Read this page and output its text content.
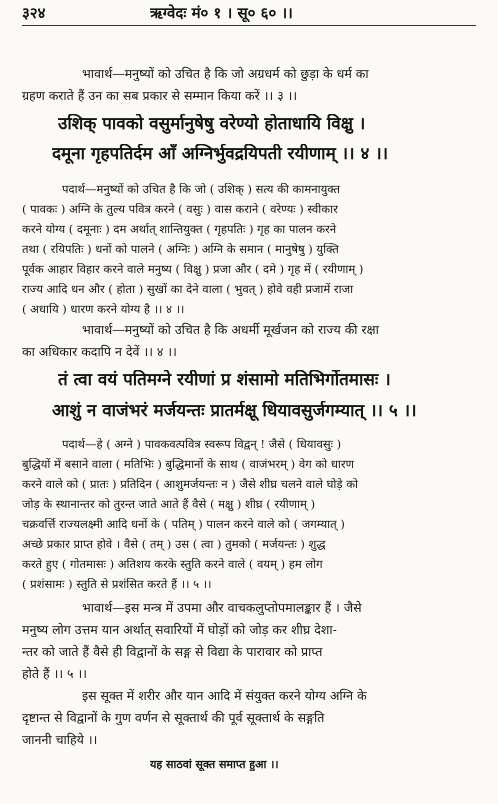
३२४	ऋग्वेदः मं० १ । सू० ६० ।।
भावार्थ—मनुष्यों को उचित है कि जो अग्रधर्म को छुड़ा के धर्म का
ग्रहण कराते हैं उन का सब प्रकार से सम्मान किया करें ।। ३ ।।
उशिक् पावको वसुर्मानुषेषु वरेण्यो होताधायि विक्षु ।
दमूना गृहपतिर्दम आँ अग्निर्भुवद्रयिपती रयीणाम् ।। ४ ।।
पदार्थ—मनुष्यों को उचित है कि जो ( उशिक् ) सत्य की कामनायुक्त
( पावकः ) अग्नि के तुल्य पवित्र करने ( वसुः ) वास कराने ( वरेण्यः ) स्वीकार
करने योग्य ( दमूनाः ) दम अर्थात् शान्तियुक्त ( गृहपतिः ) गृह का पालन करने
तथा ( रयिपतिः ) धनों को पालने ( अग्निः ) अग्नि के समान ( मानुषेषु ) युक्ति
पूर्वक आहार विहार करने वाले मनुष्य ( विक्षु ) प्रजा और ( दमे ) गृह में ( रयीणाम् )
राज्य आदि धन और ( होता ) सुखों का देने वाला ( भुवत् ) होवे वही प्रजामें राजा
( अधायि ) धारण करने योग्य है ।। ४ ।।
भावार्थ—मनुष्यों को उचित है कि अधर्मी मूर्खजन को राज्य की रक्षा
का अधिकार कदापि न देवें ।। ४ ।।
तं त्वा वयं पतिमग्ने रयीणां प्र शंसामो मतिभिर्गोतमासः ।
आशुं न वाजंभरं मर्जयन्तः प्रातर्मक्षू धियावसुर्जगम्यात् ।। ५ ।।
पदार्थ—हे ( अग्ने ) पावकवत्पवित्र स्वरूप विद्वन् ! जैसे ( धियावसुः )
बुद्धियों में बसाने वाला ( मतिभिः ) बुद्धिमानों के साथ ( वाजंभरम् ) वेग को धारण
करने वाले को ( प्रातः ) प्रतिदिन ( आशुमर्जयन्तः न ) जैसे शीघ्र चलने वाले घोड़े को
जोड़ के स्थानान्तर को तुरन्त जाते आते हैं वैसे ( मक्षु ) शीघ्र ( रयीणाम् )
चक्रवर्त्ति राज्यलक्ष्मी आदि धनों के ( पतिम् ) पालन करने वाले को ( जगम्यात् )
अच्छे प्रकार प्राप्त होवे । वैसे ( तम् ) उस ( त्वा ) तुमको ( मर्जयन्तः ) शुद्ध
करते हुए ( गोतमासः ) अतिशय करके स्तुति करने वाले ( वयम् ) हम लोग
( प्रशंसामः ) स्तुति से प्रशंसित करते हैं ।। ५ ।।
भावार्थ—इस मन्त्र में उपमा और वाचकलुप्तोपमालङ्कार हैं । जैसे
मनुष्य लोग उत्तम यान अर्थात् सवारियों में घोड़ों को जोड़ कर शीघ्र देशा-
न्तर को जाते हैं वैसे ही विद्वानों के सङ्ग से विद्या के पारावार को प्राप्त
होते हैं ।। ५ ।।
इस सूक्त में शरीर और यान आदि में संयुक्त करने योग्य अग्नि के
दृष्टान्त से विद्वानों के गुण वर्णन से सूक्तार्थ की पूर्व सूक्तार्थ के सङ्गति
जाननी चाहिये ।।
यह साठवां सूक्त समाप्त हुआ ।।
